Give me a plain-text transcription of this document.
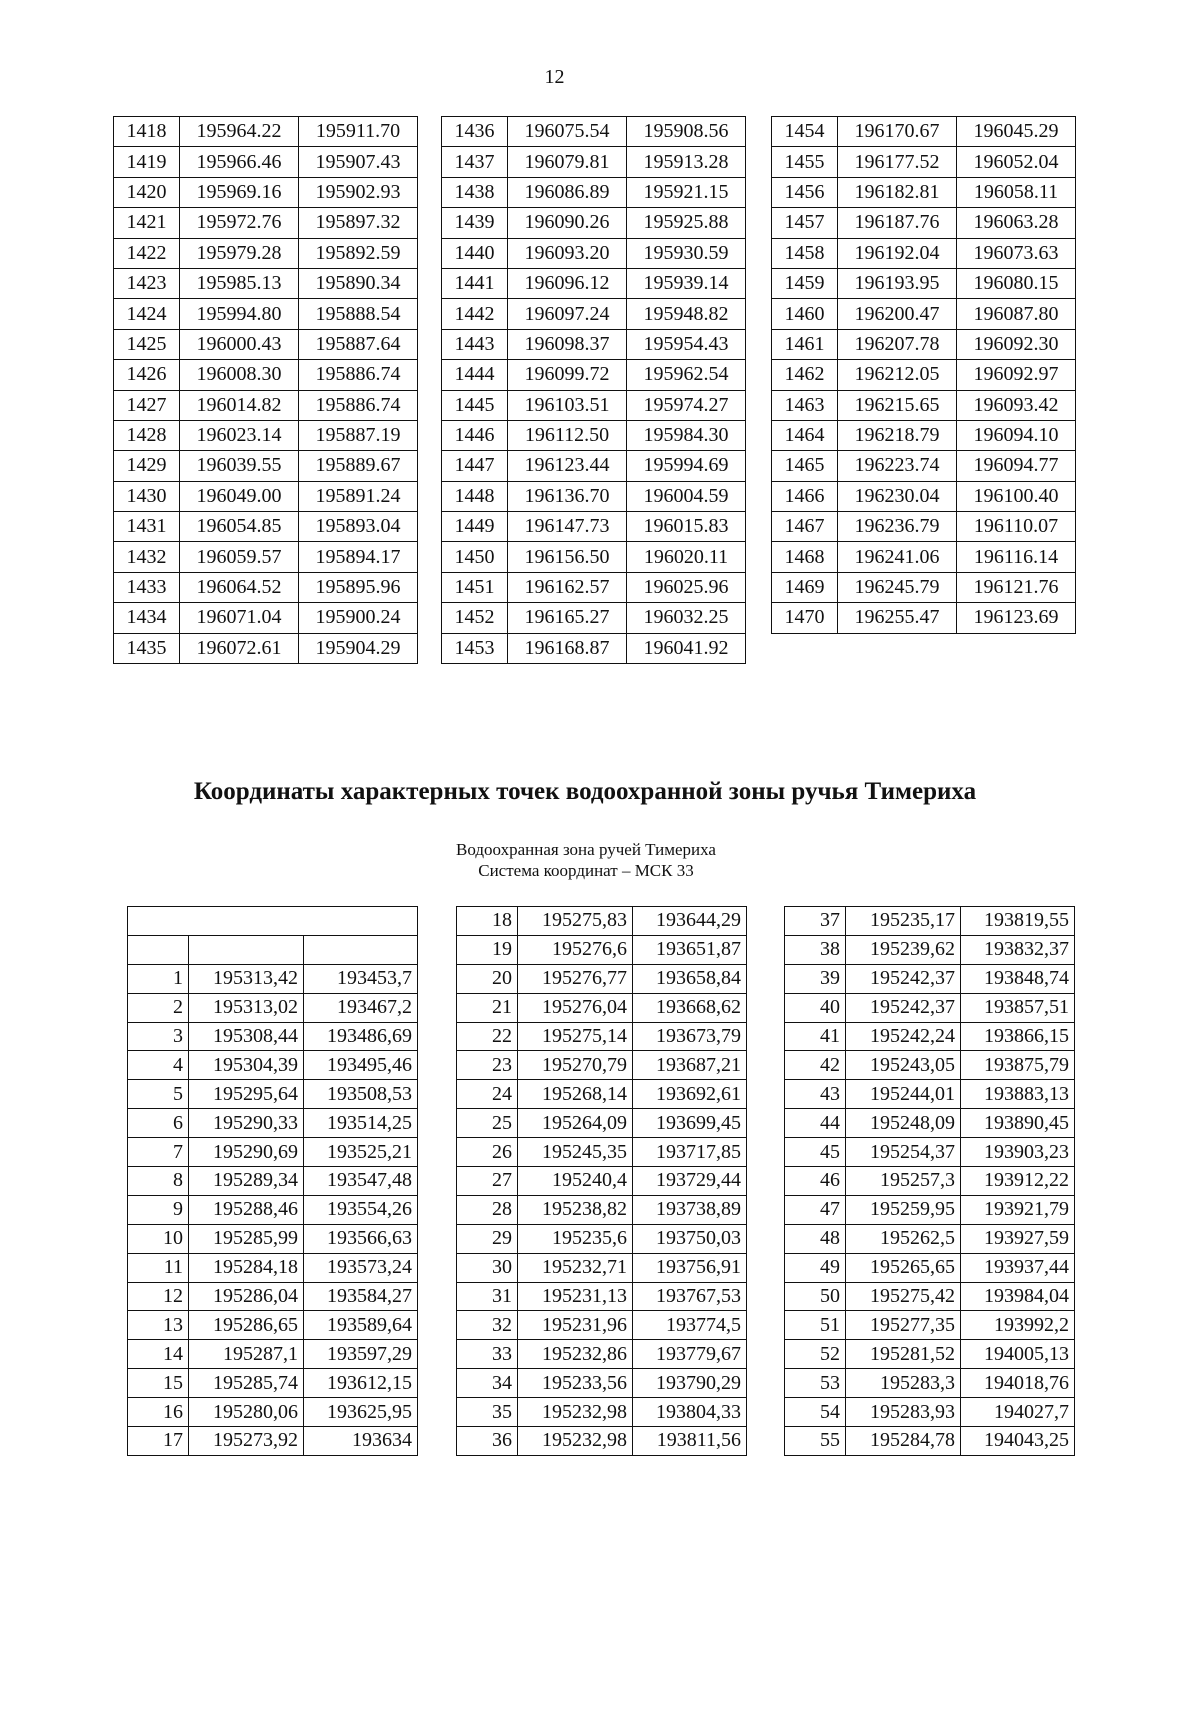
12
1418	195964.22	195911.70
1419	195966.46	195907.43
1420	195969.16	195902.93
1421	195972.76	195897.32
1422	195979.28	195892.59
1423	195985.13	195890.34
1424	195994.80	195888.54
1425	196000.43	195887.64
1426	196008.30	195886.74
1427	196014.82	195886.74
1428	196023.14	195887.19
1429	196039.55	195889.67
1430	196049.00	195891.24
1431	196054.85	195893.04
1432	196059.57	195894.17
1433	196064.52	195895.96
1434	196071.04	195900.24
1435	196072.61	195904.29
1436	196075.54	195908.56
1437	196079.81	195913.28
1438	196086.89	195921.15
1439	196090.26	195925.88
1440	196093.20	195930.59
1441	196096.12	195939.14
1442	196097.24	195948.82
1443	196098.37	195954.43
1444	196099.72	195962.54
1445	196103.51	195974.27
1446	196112.50	195984.30
1447	196123.44	195994.69
1448	196136.70	196004.59
1449	196147.73	196015.83
1450	196156.50	196020.11
1451	196162.57	196025.96
1452	196165.27	196032.25
1453	196168.87	196041.92
1454	196170.67	196045.29
1455	196177.52	196052.04
1456	196182.81	196058.11
1457	196187.76	196063.28
1458	196192.04	196073.63
1459	196193.95	196080.15
1460	196200.47	196087.80
1461	196207.78	196092.30
1462	196212.05	196092.97
1463	196215.65	196093.42
1464	196218.79	196094.10
1465	196223.74	196094.77
1466	196230.04	196100.40
1467	196236.79	196110.07
1468	196241.06	196116.14
1469	196245.79	196121.76
1470	196255.47	196123.69
Координаты характерных точек водоохранной зоны ручья Тимериха
Водоохранная зона ручей Тимериха
Система координат – МСК 33

1	195313,42	193453,7
2	195313,02	193467,2
3	195308,44	193486,69
4	195304,39	193495,46
5	195295,64	193508,53
6	195290,33	193514,25
7	195290,69	193525,21
8	195289,34	193547,48
9	195288,46	193554,26
10	195285,99	193566,63
11	195284,18	193573,24
12	195286,04	193584,27
13	195286,65	193589,64
14	195287,1	193597,29
15	195285,74	193612,15
16	195280,06	193625,95
17	195273,92	193634
18	195275,83	193644,29
19	195276,6	193651,87
20	195276,77	193658,84
21	195276,04	193668,62
22	195275,14	193673,79
23	195270,79	193687,21
24	195268,14	193692,61
25	195264,09	193699,45
26	195245,35	193717,85
27	195240,4	193729,44
28	195238,82	193738,89
29	195235,6	193750,03
30	195232,71	193756,91
31	195231,13	193767,53
32	195231,96	193774,5
33	195232,86	193779,67
34	195233,56	193790,29
35	195232,98	193804,33
36	195232,98	193811,56
37	195235,17	193819,55
38	195239,62	193832,37
39	195242,37	193848,74
40	195242,37	193857,51
41	195242,24	193866,15
42	195243,05	193875,79
43	195244,01	193883,13
44	195248,09	193890,45
45	195254,37	193903,23
46	195257,3	193912,22
47	195259,95	193921,79
48	195262,5	193927,59
49	195265,65	193937,44
50	195275,42	193984,04
51	195277,35	193992,2
52	195281,52	194005,13
53	195283,3	194018,76
54	195283,93	194027,7
55	195284,78	194043,25
